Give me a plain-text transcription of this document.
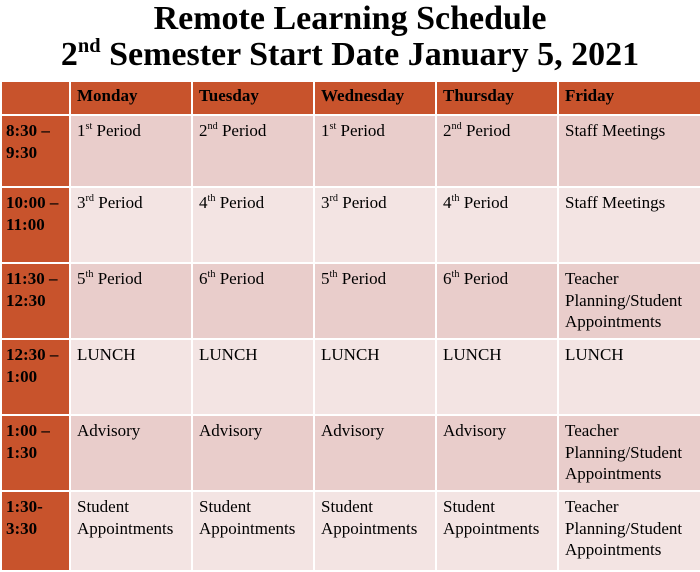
Remote Learning Schedule
2nd Semester Start Date January 5, 2021
	Monday	Tuesday	Wednesday	Thursday	Friday
8:30 – 9:30	1st Period	2nd Period	1st Period	2nd Period	Staff Meetings
10:00 – 11:00	3rd Period	4th Period	3rd Period	4th Period	Staff Meetings
11:30 – 12:30	5th Period	6th Period	5th Period	6th Period	Teacher Planning/Student Appointments
12:30 – 1:00	LUNCH	LUNCH	LUNCH	LUNCH	LUNCH
1:00 – 1:30	Advisory	Advisory	Advisory	Advisory	Teacher Planning/Student Appointments
1:30-3:30	Student Appointments	Student Appointments	Student Appointments	Student Appointments	Teacher Planning/Student Appointments
